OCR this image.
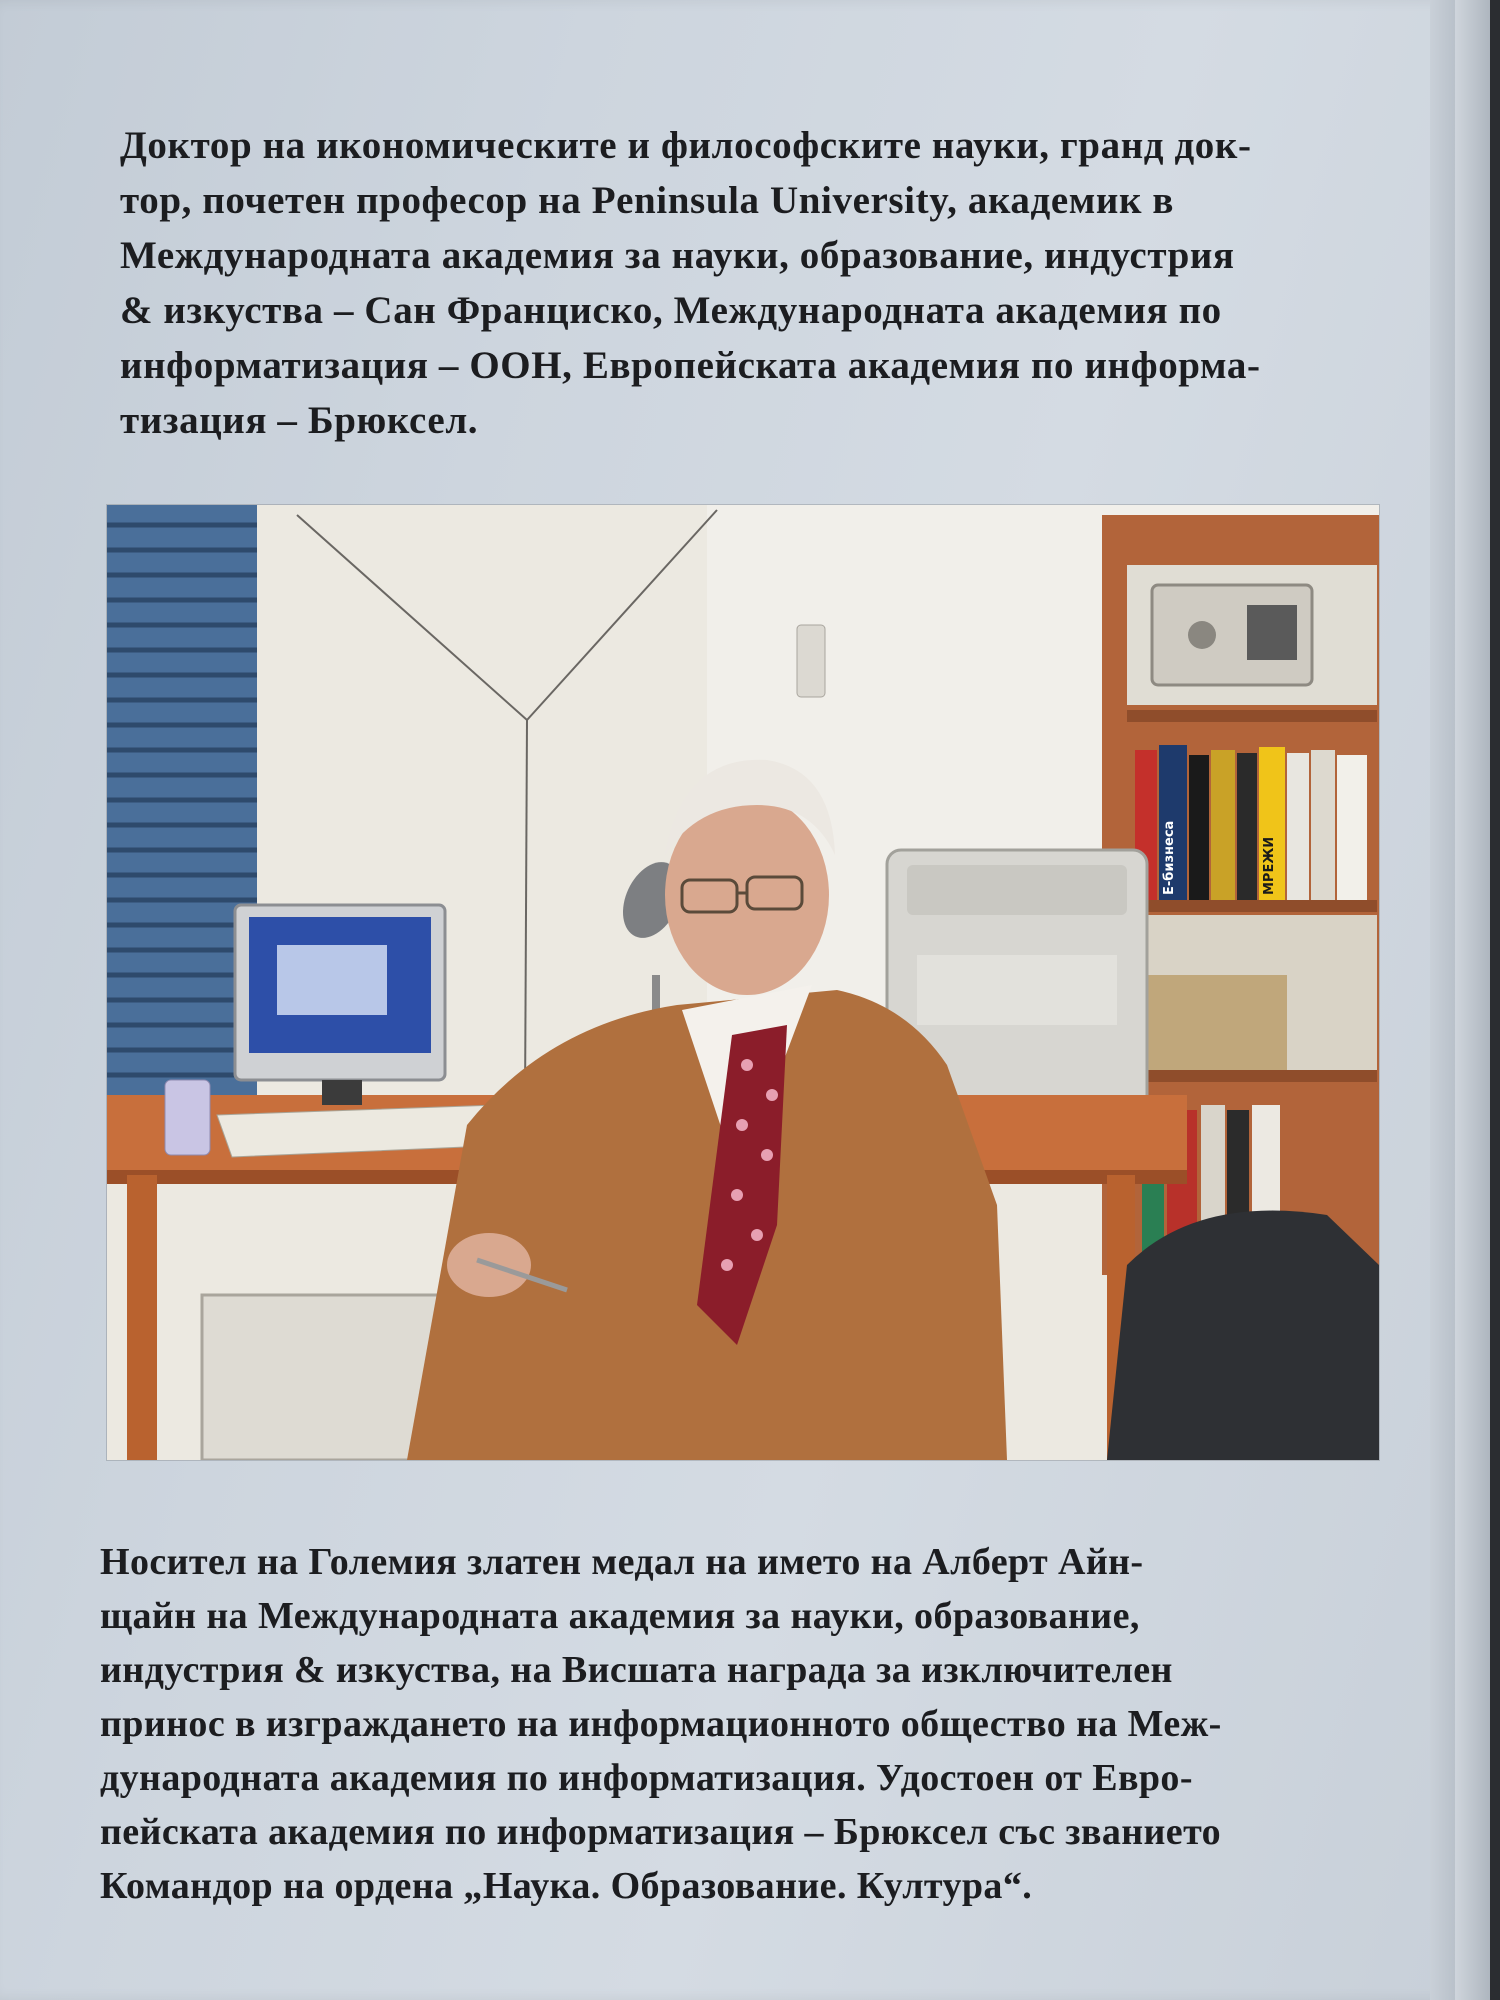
Доктор на икономическите и философските науки, гранд док-
тор, почетен професор на Peninsula University, академик в
Международната академия за науки, образование, индустрия
& изкуства – Сан Франциско, Международната академия по
информатизация – ООН, Европейската академия по информа-
тизация – Брюксел.
МРЕЖИ
E-бизнеса
Носител на Големия златен медал на името на Алберт Айн-
щайн на Международната академия за науки, образование,
индустрия & изкуства, на Висшата награда за изключителен
принос в изграждането на информационното общество на Меж-
дународната академия по информатизация. Удостоен от Евро-
пейската академия по информатизация – Брюксел със званието
Командор на ордена „Наука. Образование. Култура“.
